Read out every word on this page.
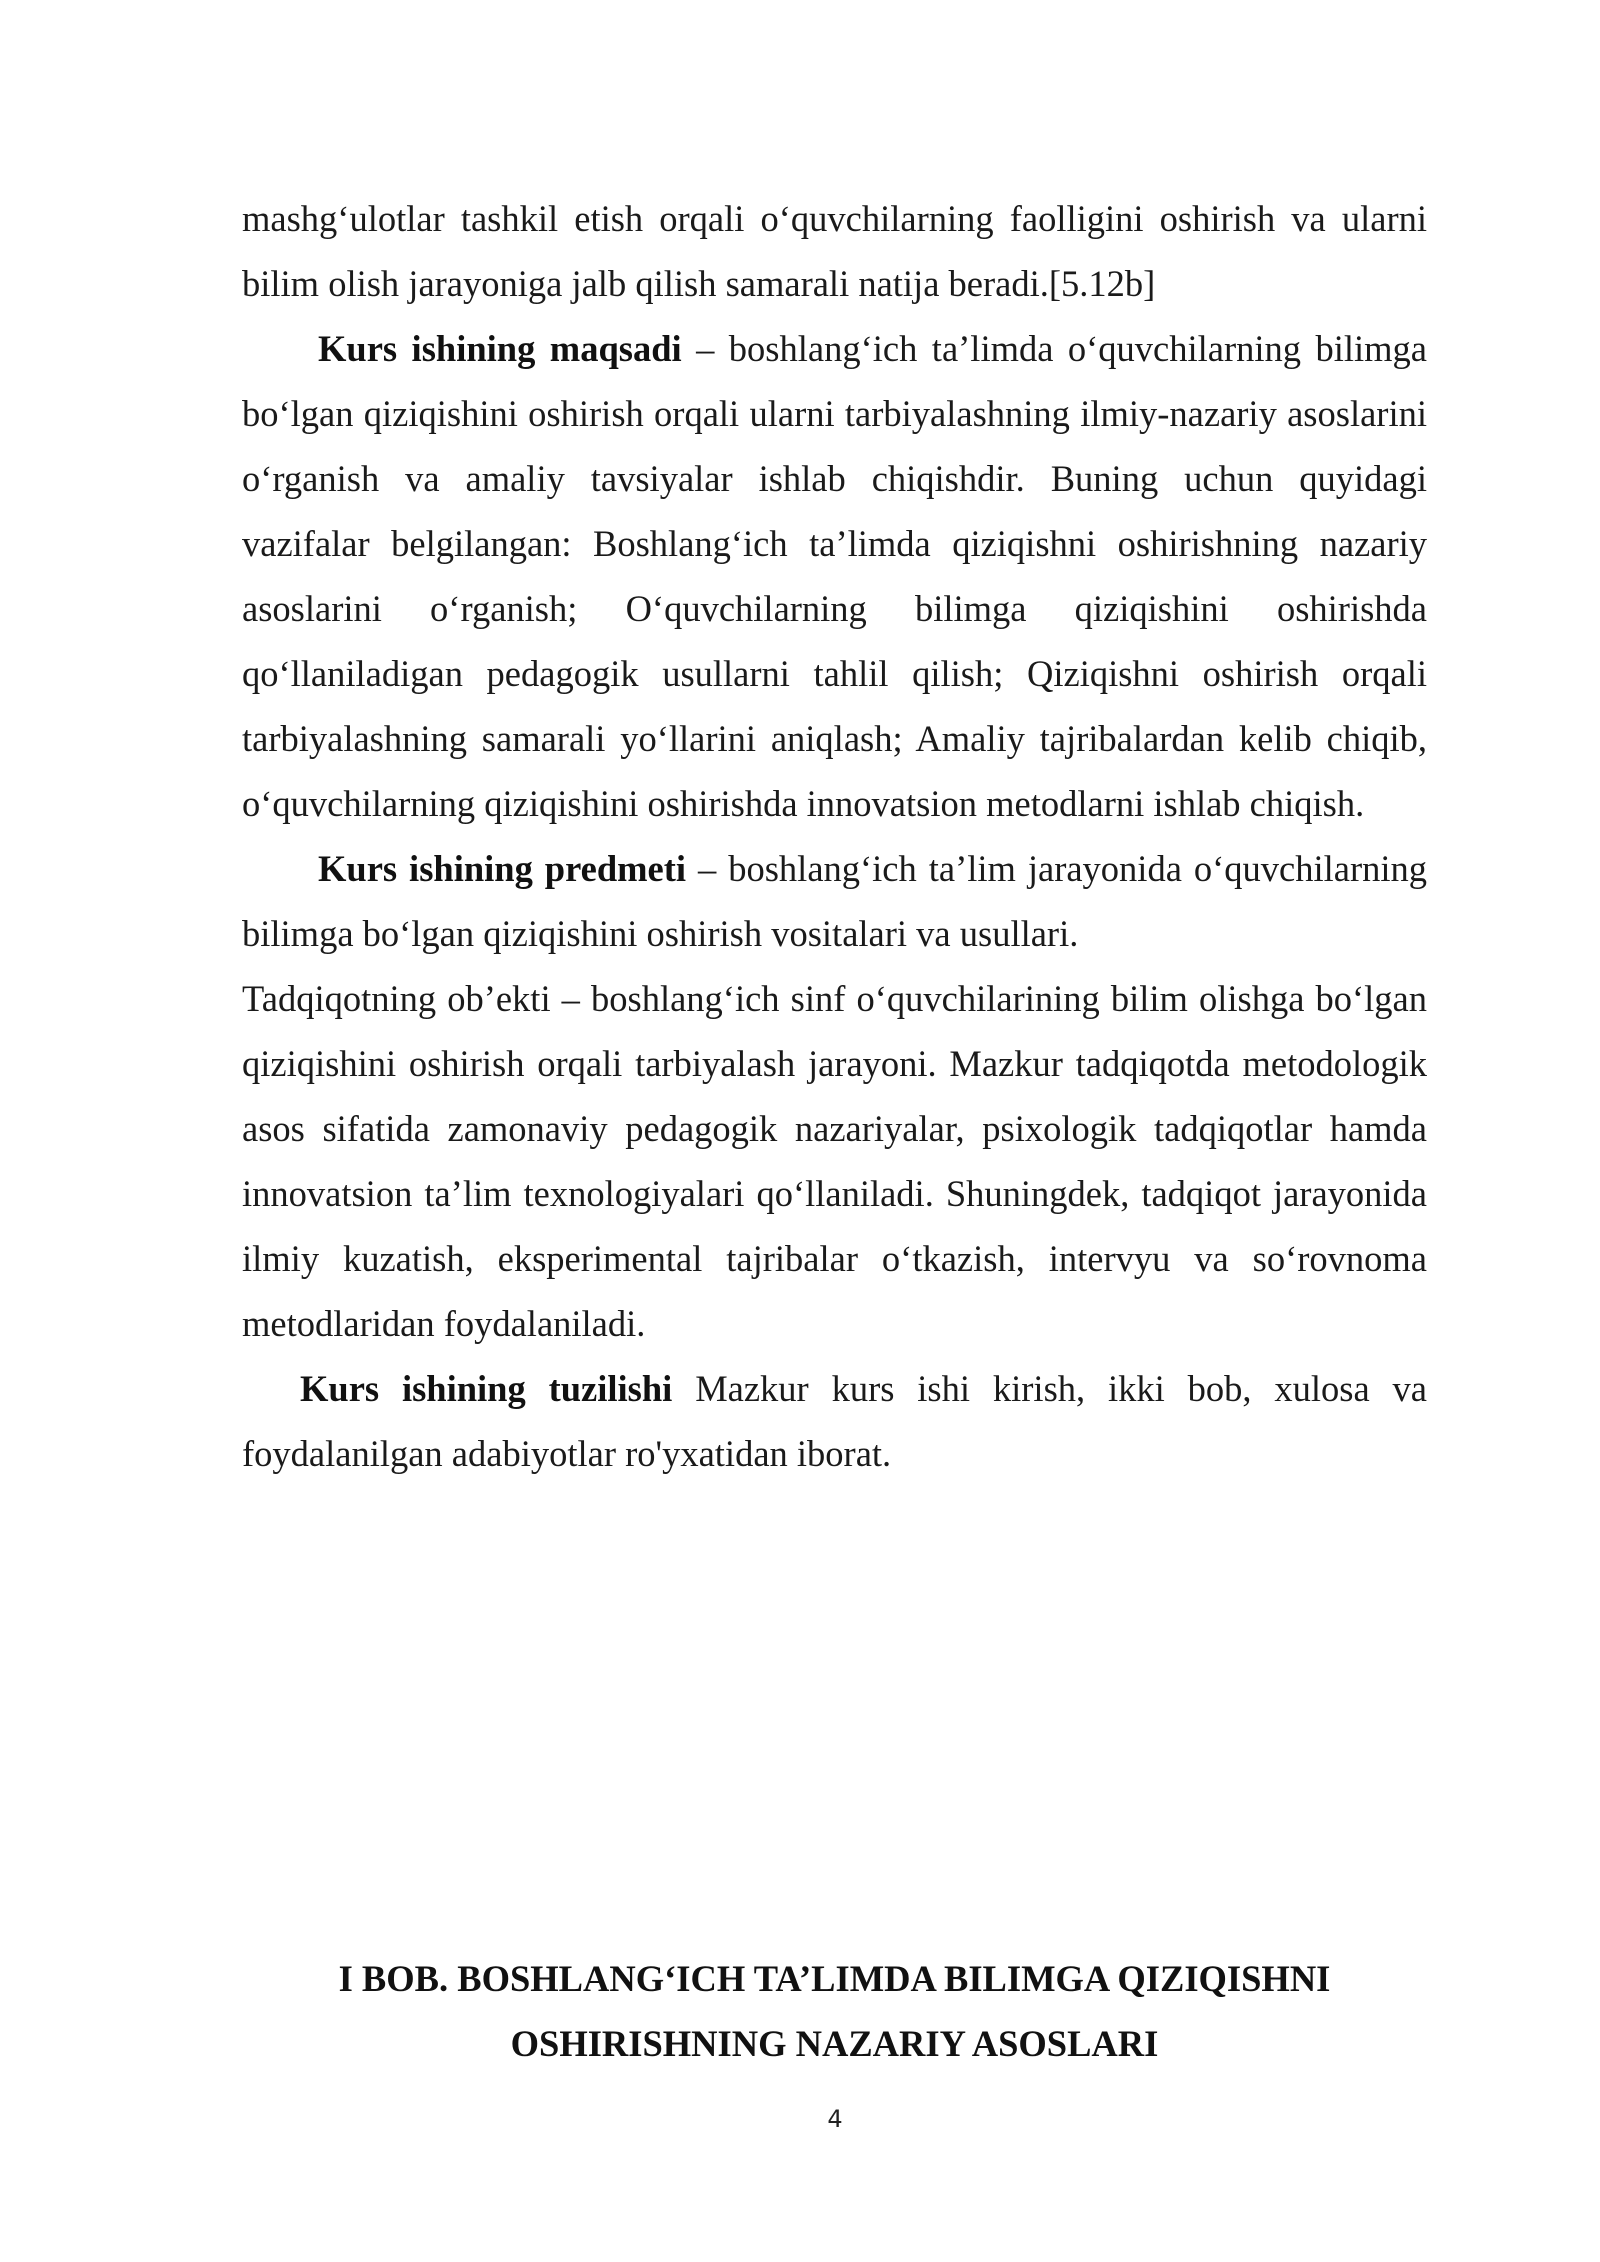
mashg‘ulotlar tashkil etish orqali o‘quvchilarning faolligini oshirish va ularni bilim olish jarayoniga jalb qilish samarali natija beradi.[5.12b]

Kurs ishining maqsadi – boshlang‘ich ta’limda o‘quvchilarning bilimga bo‘lgan qiziqishini oshirish orqali ularni tarbiyalashning ilmiy-nazariy asoslarini o‘rganish va amaliy tavsiyalar ishlab chiqishdir. Buning uchun quyidagi vazifalar belgilangan: Boshlang‘ich ta’limda qiziqishni oshirishning nazariy asoslarini o‘rganish; O‘quvchilarning bilimga qiziqishini oshirishda qo‘llaniladigan pedagogik usullarni tahlil qilish; Qiziqishni oshirish orqali tarbiyalashning samarali yo‘llarini aniqlash; Amaliy tajribalardan kelib chiqib, o‘quvchilarning qiziqishini oshirishda innovatsion metodlarni ishlab chiqish.

Kurs ishining predmeti – boshlang‘ich ta’lim jarayonida o‘quvchilarning bilimga bo‘lgan qiziqishini oshirish vositalari va usullari.

Tadqiqotning ob’ekti – boshlang‘ich sinf o‘quvchilarining bilim olishga bo‘lgan qiziqishini oshirish orqali tarbiyalash jarayoni. Mazkur tadqiqotda metodologik asos sifatida zamonaviy pedagogik nazariyalar, psixologik tadqiqotlar hamda innovatsion ta’lim texnologiyalari qo‘llaniladi. Shuningdek, tadqiqot jarayonida ilmiy kuzatish, eksperimental tajribalar o‘tkazish, intervyu va so‘rovnoma metodlaridan foydalaniladi.

Kurs ishining tuzilishi Mazkur kurs ishi kirish, ikki bob, xulosa va foydalanilgan adabiyotlar ro'yxatidan iborat.

I BOB. BOSHLANG‘ICH TA’LIMDA BILIMGA QIZIQISHNI
OSHIRISHNING NAZARIY ASOSLARI
4
